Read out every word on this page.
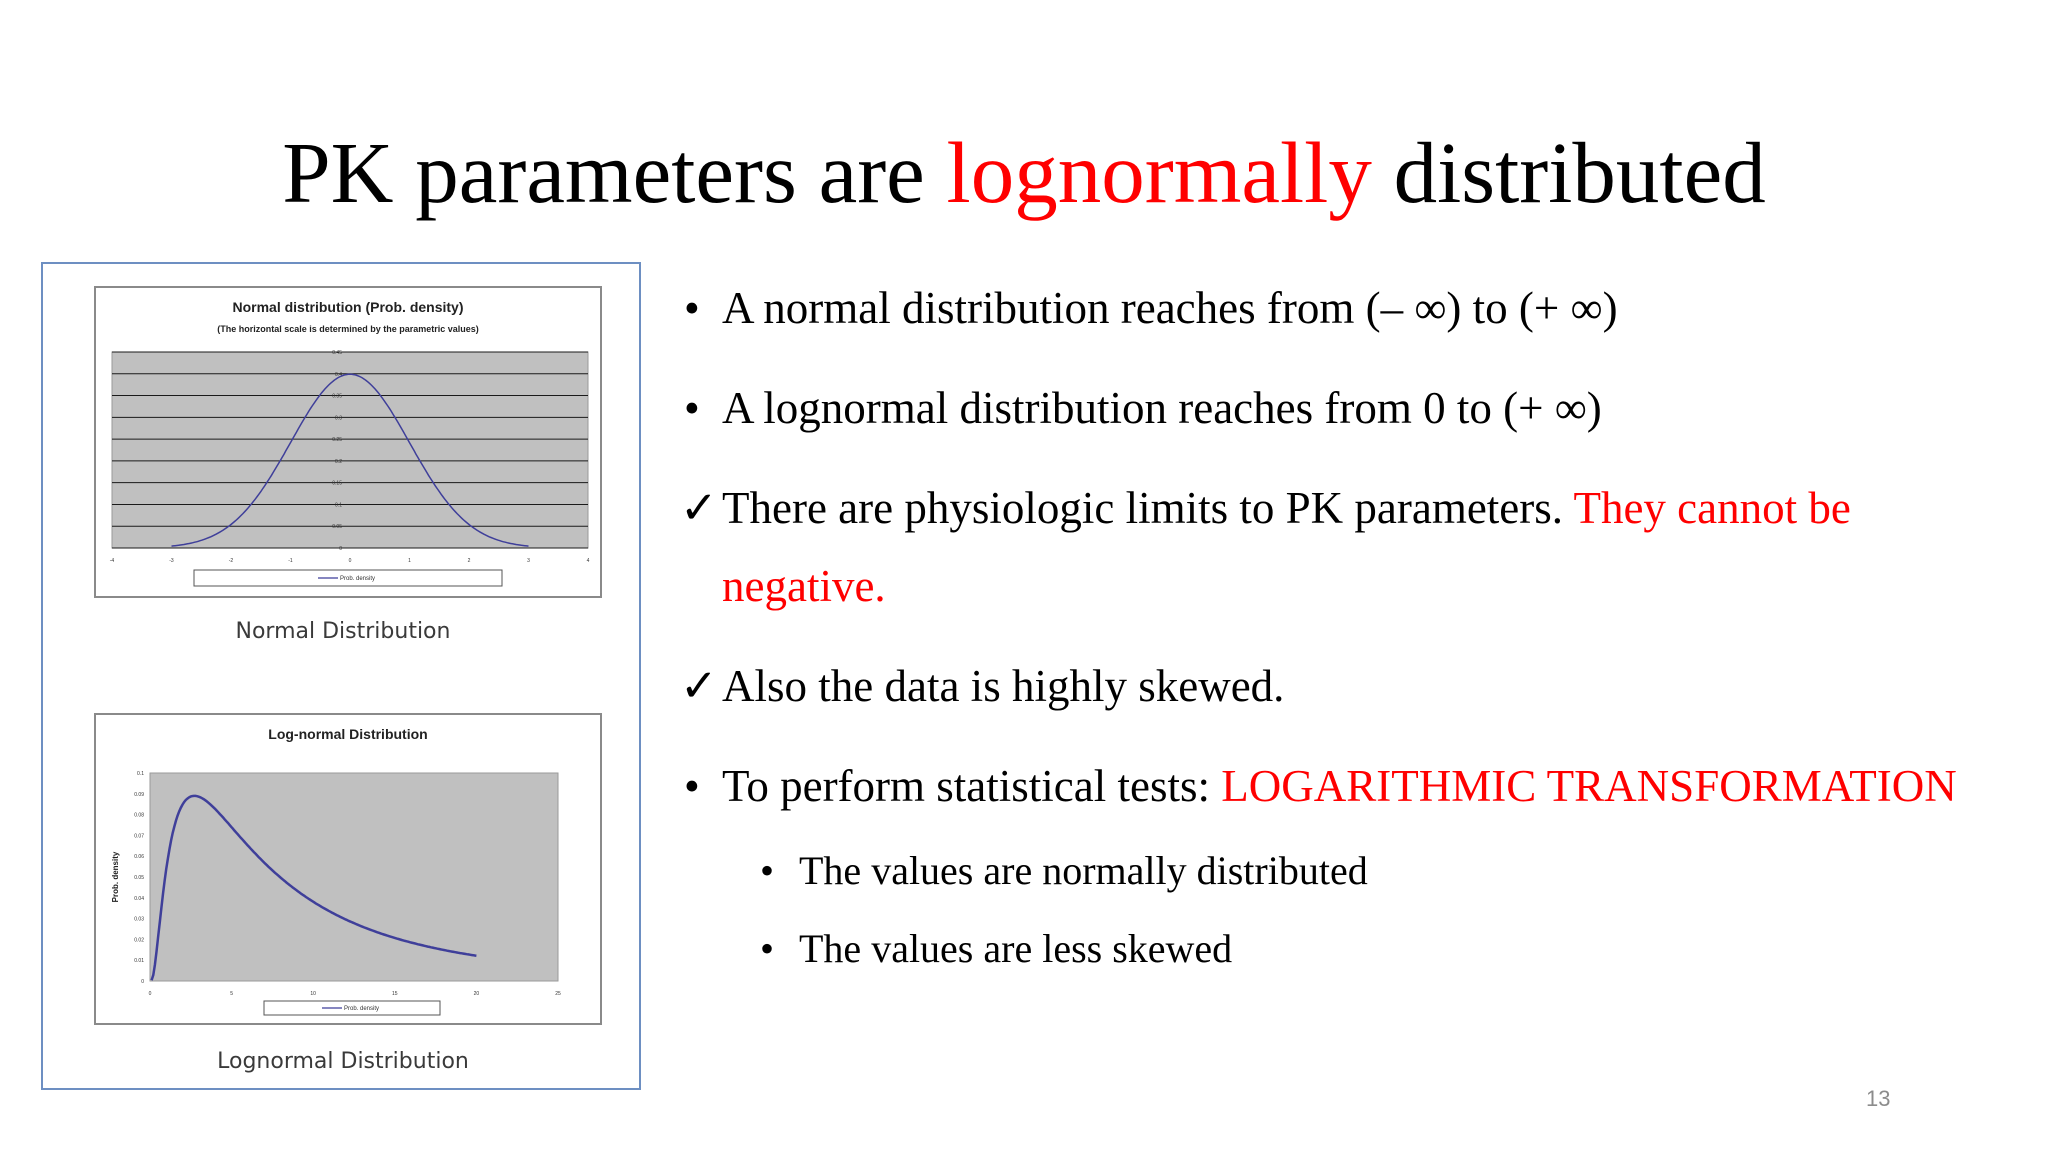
PK parameters are lognormally distributed
Normal distribution (Prob. density)
(The horizontal scale is determined by the parametric values)
0
0.05
0.1
0.15
0.2
0.25
0.3
0.35
0.4
0.45
-4	-3	-2	-1	0	1	2	3	4
Prob. density
Normal Distribution
Log-normal Distribution
0
0.01
0.02
0.03
0.04
0.05
0.06
0.07
0.08
0.09
0.1
0	5	10	15	20	25
Prob. density
Prob. density
Lognormal Distribution
• A normal distribution reaches from (– ∞) to (+ ∞)
• A lognormal distribution reaches from 0 to (+ ∞)
✓ There are physiologic limits to PK parameters. They cannot be
negative.
✓ Also the data is highly skewed.
• To perform statistical tests: LOGARITHMIC TRANSFORMATION
• The values are normally distributed
• The values are less skewed
13
